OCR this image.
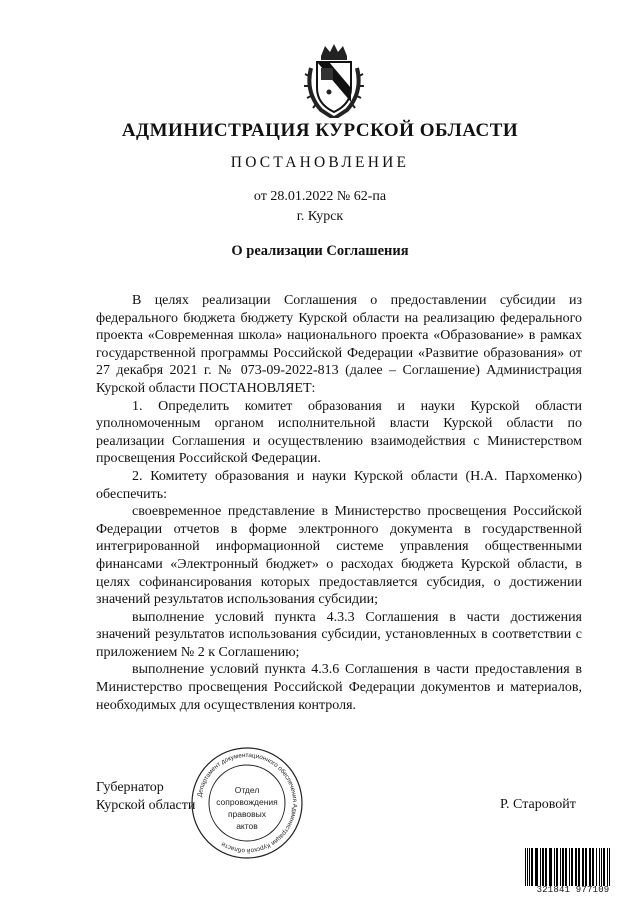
АДМИНИСТРАЦИЯ КУРСКОЙ ОБЛАСТИ
ПОСТАНОВЛЕНИЕ
от 28.01.2022 № 62-па
г. Курск
О реализации Соглашения

В целях реализации Соглашения о предоставлении субсидии из федерального бюджета бюджету Курской области на реализацию федерального проекта «Современная школа» национального проекта «Образование» в рамках государственной программы Российской Федерации «Развитие образования» от 27 декабря 2021 г. № 073-09-2022-813 (далее – Соглашение) Администрация Курской области ПОСТАНОВЛЯЕТ:

1. Определить комитет образования и науки Курской области уполномоченным органом исполнительной власти Курской области по реализации Соглашения и осуществлению взаимодействия с Министерством просвещения Российской Федерации.

2. Комитету образования и науки Курской области (Н.А. Пархоменко) обеспечить:

своевременное представление в Министерство просвещения Российской Федерации отчетов в форме электронного документа в государственной интегрированной информационной системе управления общественными финансами «Электронный бюджет» о расходах бюджета Курской области, в целях софинансирования которых предоставляется субсидия, о достижении значений результатов использования субсидии;

выполнение условий пункта 4.3.3 Соглашения в части достижения значений результатов использования субсидии, установленных в соответствии с приложением № 2 к Соглашению;

выполнение условий пункта 4.3.6 Соглашения в части предоставления в Министерство просвещения Российской Федерации документов и материалов, необходимых для осуществления контроля.

Губернатор
Курской области	Р. Старовойт
Департамент документационного обеспечения Администрации Курской области
Отдел
сопровождения
правовых
актов
321841 977109
